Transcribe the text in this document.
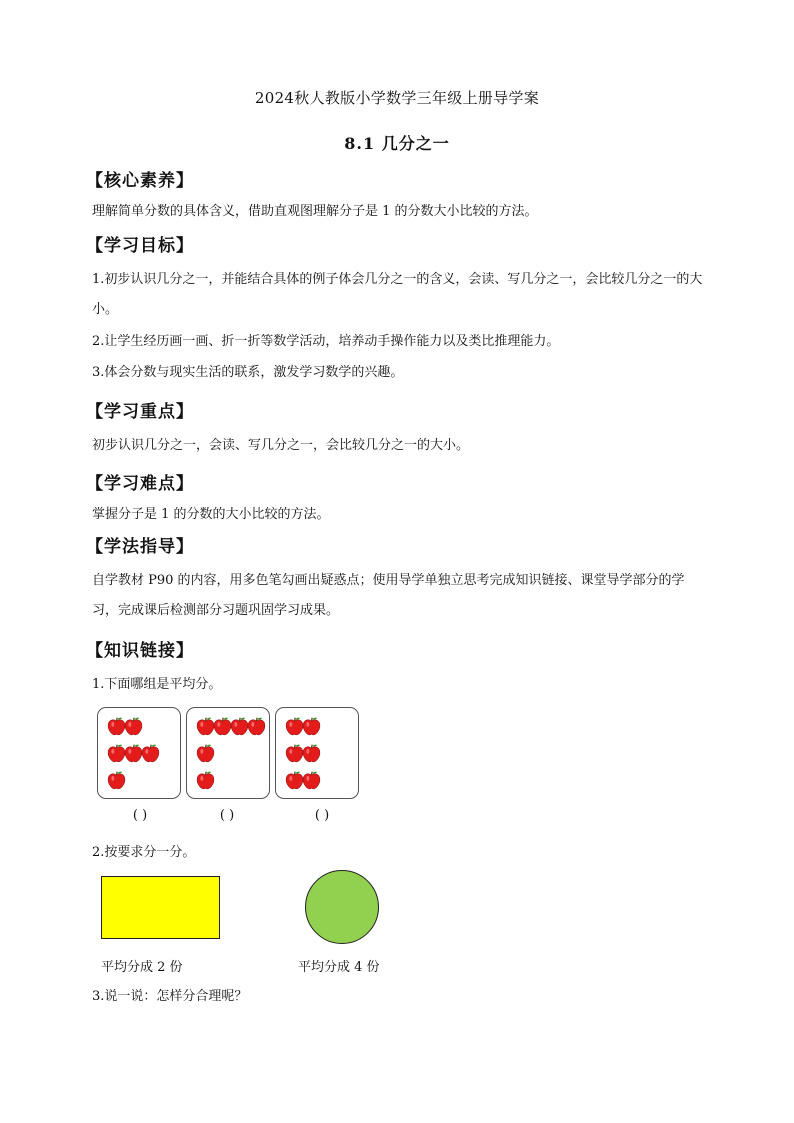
2024秋人教版小学数学三年级上册导学案
8.1 几分之一
【核心素养】
理解简单分数的具体含义，借助直观图理解分子是 1 的分数大小比较的方法。
【学习目标】
1.初步认识几分之一，并能结合具体的例子体会几分之一的含义，会读、写几分之一，会比较几分之一的大小。
2.让学生经历画一画、折一折等数学活动，培养动手操作能力以及类比推理能力。
3.体会分数与现实生活的联系，激发学习数学的兴趣。
【学习重点】
初步认识几分之一，会读、写几分之一，会比较几分之一的大小。
【学习难点】
掌握分子是 1 的分数的大小比较的方法。
【学法指导】
自学教材 P90 的内容，用多色笔勾画出疑惑点；使用导学单独立思考完成知识链接、课堂导学部分的学习，完成课后检测部分习题巩固学习成果。
【知识链接】
1.下面哪组是平均分。
( )	( )	( )
2.按要求分一分。
平均分成 2 份	平均分成 4 份
3.说一说：怎样分合理呢？
